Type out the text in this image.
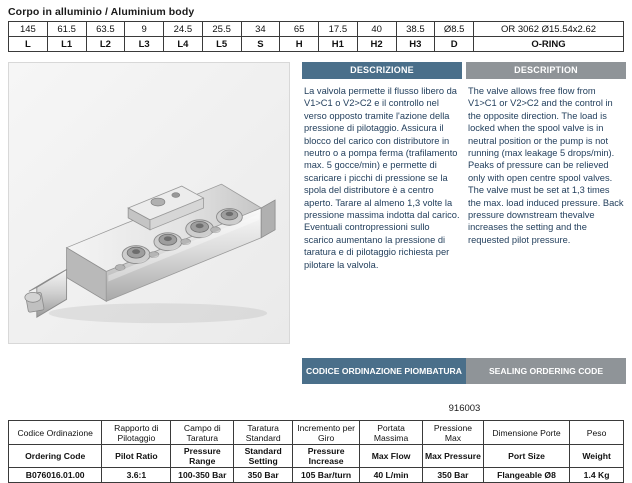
Corpo in alluminio / Aluminium body
145	61.5	63.5	9	24.5	25.5	34	65	17.5	40	38.5	Ø8.5	OR 3062 Ø15.54x2.62
L	L1	L2	L3	L4	L5	S	H	H1	H2	H3	D	O-RING
DESCRIZIONE
La valvola permette il flusso libero da V1>C1 o V2>C2 e il controllo nel verso opposto tramite l'azione della pressione di pilotaggio. Assicura il blocco del carico con distributore in neutro o a pompa ferma (trafilamento max. 5 gocce/min) e permette di scaricare i picchi di pressione se la spola del distributore è a centro aperto. Tarare al almeno 1,3 volte la pressione massima indotta dal carico. Eventuali contropressioni sullo scarico aumentano la pressione di taratura e di pilotaggio richiesta per pilotare la valvola.
DESCRIPTION
The valve allows free flow from V1>C1 or V2>C2 and the control in the opposite direction. The load is locked when the spool valve is in neutral position or the pump is not running (max leakage 5 drops/min). Peaks of pressure can be relieved only with open centre spool valves. The valve must be set at 1,3 times the max. load induced pressure. Back pressure downstream thevalve increases the setting and the requested pilot pressure.
CODICE ORDINAZIONE PIOMBATURA	SEALING ORDERING CODE
916003
Codice Ordinazione	Rapporto di Pilotaggio	Campo di Taratura	Taratura Standard	Incremento per Giro	Portata Massima	Pressione Max	Dimensione Porte	Peso
Ordering Code	Pilot Ratio	Pressure Range	Standard Setting	Pressure Increase	Max Flow	Max Pressure	Port Size	Weight
B076016.01.00	3.6:1	100-350 Bar	350 Bar	105 Bar/turn	40 L/min	350 Bar	Flangeable Ø8	1.4 Kg
